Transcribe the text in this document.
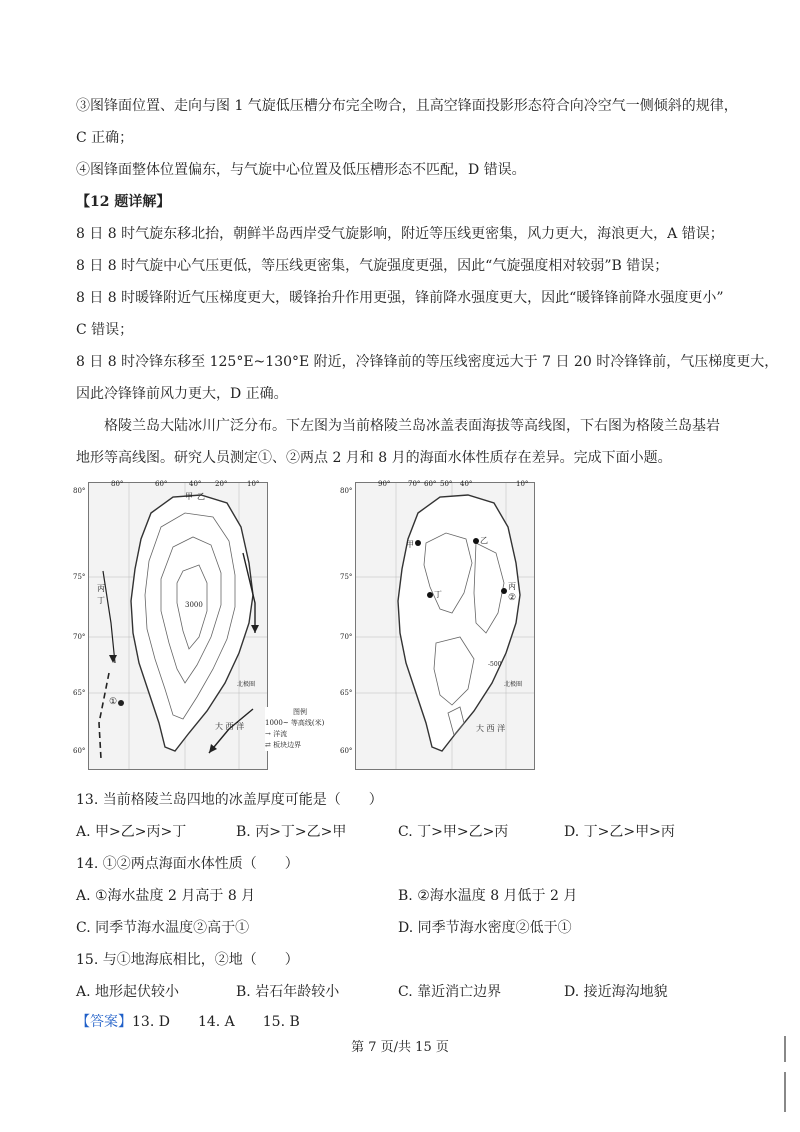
③图锋面位置、走向与图 1 气旋低压槽分布完全吻合，且高空锋面投影形态符合向冷空气一侧倾斜的规律，
C 正确；
④图锋面整体位置偏东，与气旋中心位置及低压槽形态不匹配，D 错误。
【12 题详解】
8 日 8 时气旋东移北抬，朝鲜半岛西岸受气旋影响，附近等压线更密集，风力更大，海浪更大，A 错误；
8 日 8 时气旋中心气压更低，等压线更密集，气旋强度更强，因此“气旋强度相对较弱”B 错误；
8 日 8 时暖锋附近气压梯度更大，暖锋抬升作用更强，锋前降水强度更大，因此“暖锋锋前降水强度更小”
C 错误；
8 日 8 时冷锋东移至 125°E~130°E 附近，冷锋锋前的等压线密度远大于 7 日 20 时冷锋锋前，气压梯度更大，
因此冷锋锋前风力更大，D 正确。
格陵兰岛大陆冰川广泛分布。下左图为当前格陵兰岛冰盖表面海拔等高线图，下右图为格陵兰岛基岩
地形等高线图。研究人员测定①、②两点 2 月和 8 月的海面水体性质存在差异。完成下面小题。
80°	60°	40° 20°	10°
80°
75°
70°
65°
60°
甲 乙
丙
丁	3000
①
大 西 洋
北极圈
图例
1000~ 等高线(米)
→ 洋流
⇄ 板块边界
90°	70° 60° 50° 40°	10°
80°
75°
70°
65°
60°
甲	乙
丙
丁	②
-500
大 西 洋
北极圈
13. 当前格陵兰岛四地的冰盖厚度可能是（　　）
A. 甲>乙>丙>丁	B. 丙>丁>乙>甲	C. 丁>甲>乙>丙	D. 丁>乙>甲>丙
14. ①②两点海面水体性质（　　）
A. ①海水盐度 2 月高于 8 月	B. ②海水温度 8 月低于 2 月
C. 同季节海水温度②高于①	D. 同季节海水密度②低于①
15. 与①地海底相比，②地（　　）
A. 地形起伏较小	B. 岩石年龄较小	C. 靠近消亡边界	D. 接近海沟地貌
【答案】13. D　　14. A　　15. B
第 7 页/共 15 页
